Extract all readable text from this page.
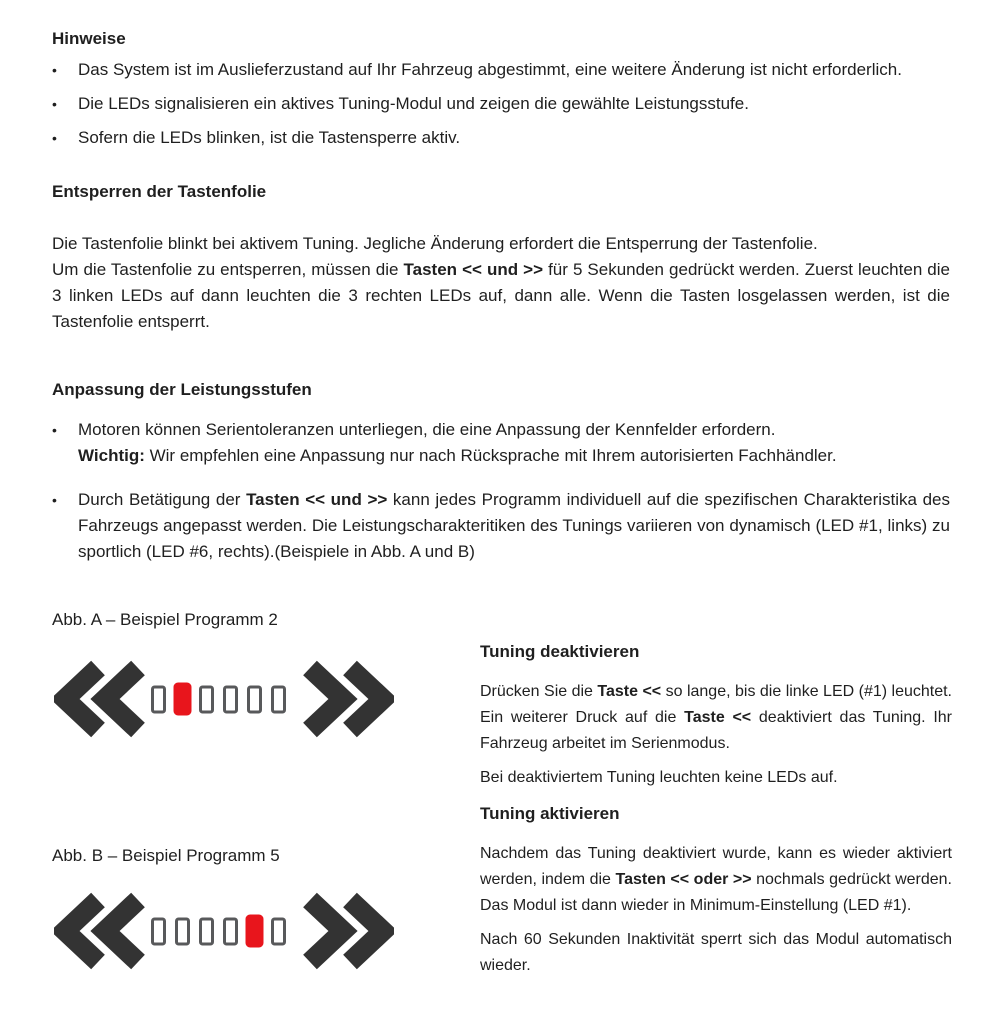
Hinweise
•	Das System ist im Auslieferzustand auf Ihr Fahrzeug abgestimmt, eine weitere Änderung ist nicht erforderlich.
•	Die LEDs signalisieren ein aktives Tuning-Modul und zeigen die gewählte Leistungsstufe.
•	Sofern die LEDs blinken, ist die Tastensperre aktiv.
Entsperren der Tastenfolie

Die Tastenfolie blinkt bei aktivem Tuning. Jegliche Änderung erfordert die Entsperrung der Tastenfolie.

Um die Tastenfolie zu entsperren, müssen die Tasten << und >> für 5 Sekunden gedrückt werden. Zuerst leuchten die 3 linken LEDs auf dann leuchten die 3 rechten LEDs auf, dann alle. Wenn die Tasten losgelassen werden, ist die Tastenfolie entsperrt.

Anpassung der Leistungsstufen
•	Motoren können Serientoleranzen unterliegen, die eine Anpassung der Kennfelder erfordern.

Wichtig: Wir empfehlen eine Anpassung nur nach Rücksprache mit Ihrem autorisierten Fachhändler.

•	Durch Betätigung der Tasten << und >> kann jedes Programm individuell auf die spezifischen Charakteristika des Fahrzeugs angepasst werden. Die Leistungscharakteritiken des Tunings variieren von dynamisch (LED #1, links) zu sportlich (LED #6, rechts).(Beispiele in Abb. A und B)
Abb. A – Beispiel Programm 2
Abb. B – Beispiel Programm 5
Tuning deaktivieren

Drücken Sie die Taste << so lange, bis die linke LED (#1) leuchtet. Ein weiterer Druck auf die Taste << deaktiviert das Tuning. Ihr Fahrzeug arbeitet im Serienmodus.

Bei deaktiviertem Tuning leuchten keine LEDs auf.

Tuning aktivieren

Nachdem das Tuning deaktiviert wurde, kann es wieder aktiviert werden, indem die Tasten << oder >> nochmals gedrückt werden. Das Modul ist dann wieder in Minimum-Einstellung (LED #1).

Nach 60 Sekunden Inaktivität sperrt sich das Modul automatisch wieder.
